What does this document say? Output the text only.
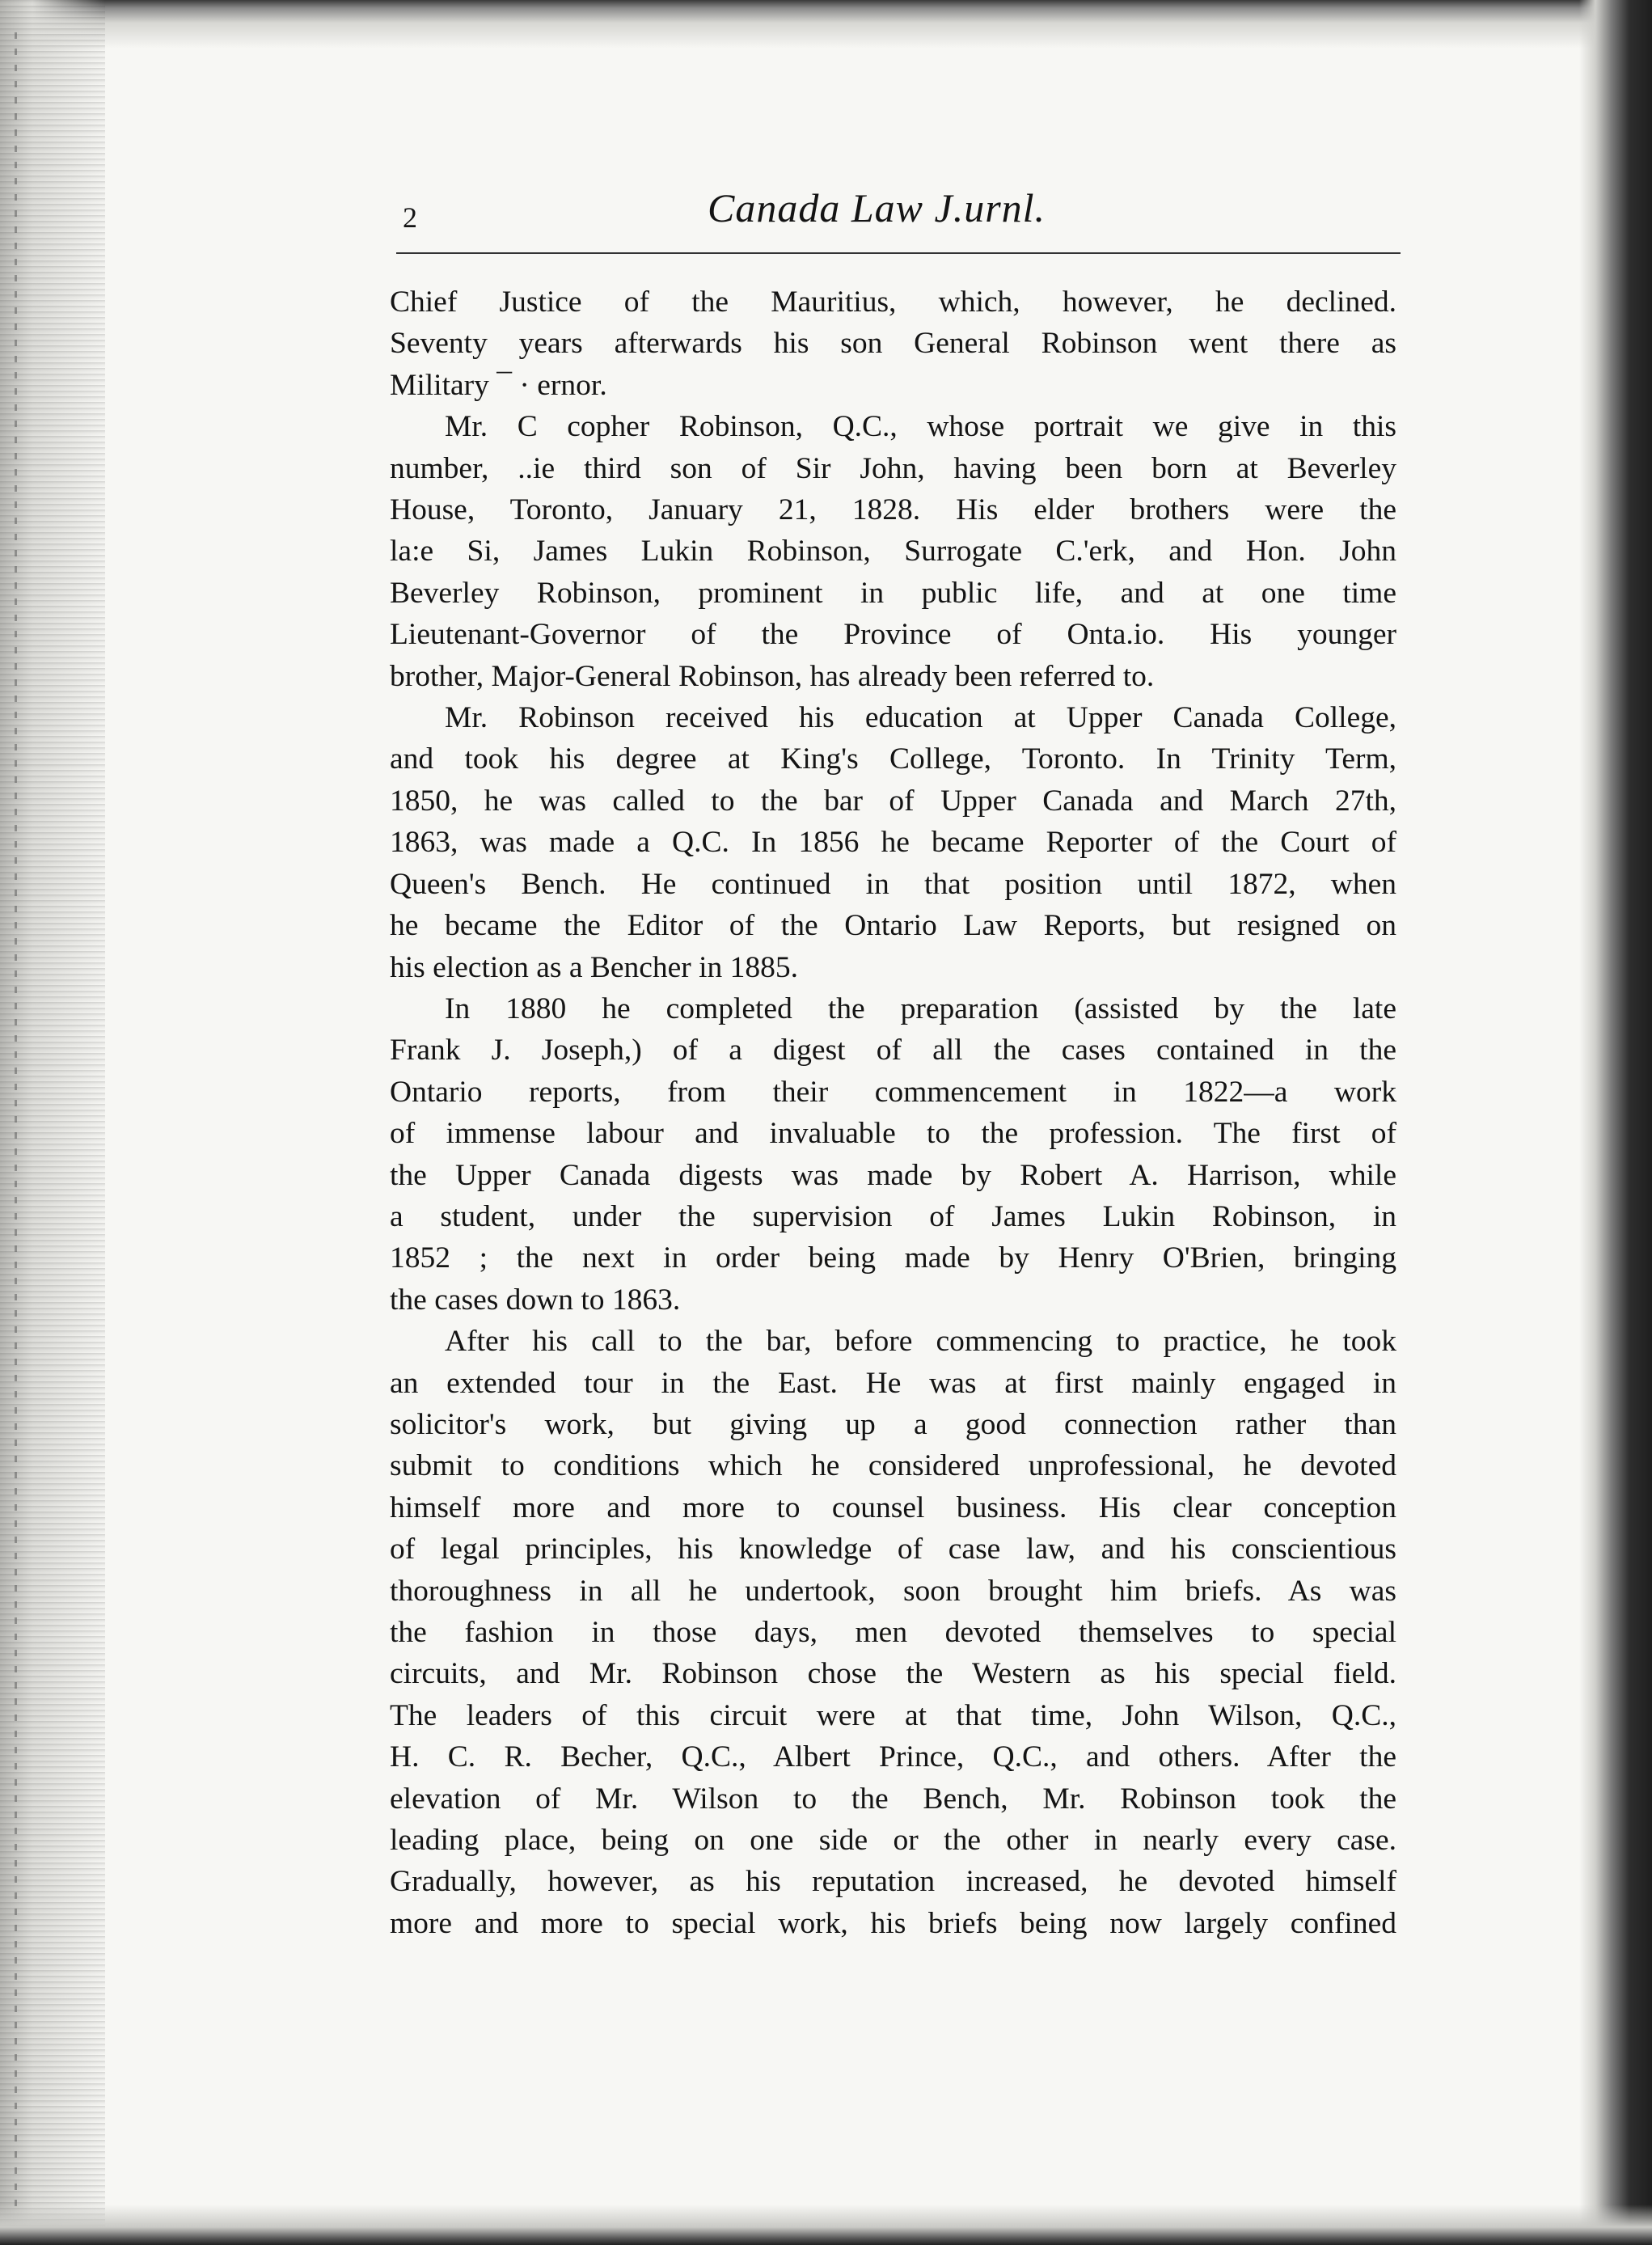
2	Canada Law J.urnl.

Chief Justice of the Mauritius, which, however, he declined.

Seventy years afterwards his son General Robinson went there as

Military ¯ · ernor.

Mr. C copher Robinson, Q.C., whose portrait we give in this

number, ..ie third son of Sir John, having been born at Beverley

House, Toronto, January 21, 1828. His elder brothers were the

la:e Si, James Lukin Robinson, Surrogate C.'erk, and Hon. John

Beverley Robinson, prominent in public life, and at one time

Lieutenant-Governor of the Province of Onta.io. His younger

brother, Major-General Robinson, has already been referred to.

Mr. Robinson received his education at Upper Canada College,

and took his degree at King's College, Toronto. In Trinity Term,

1850, he was called to the bar of Upper Canada and March 27th,

1863, was made a Q.C. In 1856 he became Reporter of the Court of

Queen's Bench. He continued in that position until 1872, when

he became the Editor of the Ontario Law Reports, but resigned on

his election as a Bencher in 1885.

In 1880 he completed the preparation (assisted by the late

Frank J. Joseph,) of a digest of all the cases contained in the

Ontario reports, from their commencement in 1822—a work

of immense labour and invaluable to the profession. The first of

the Upper Canada digests was made by Robert A. Harrison, while

a student, under the supervision of James Lukin Robinson, in

1852 ; the next in order being made by Henry O'Brien, bringing

the cases down to 1863.

After his call to the bar, before commencing to practice, he took

an extended tour in the East. He was at first mainly engaged in

solicitor's work, but giving up a good connection rather than

submit to conditions which he considered unprofessional, he devoted

himself more and more to counsel business. His clear conception

of legal principles, his knowledge of case law, and his conscientious

thoroughness in all he undertook, soon brought him briefs. As was

the fashion in those days, men devoted themselves to special

circuits, and Mr. Robinson chose the Western as his special field.

The leaders of this circuit were at that time, John Wilson, Q.C.,

H. C. R. Becher, Q.C., Albert Prince, Q.C., and others. After the

elevation of Mr. Wilson to the Bench, Mr. Robinson took the

leading place, being on one side or the other in nearly every case.

Gradually, however, as his reputation increased, he devoted himself

more and more to special work, his briefs being now largely confined
